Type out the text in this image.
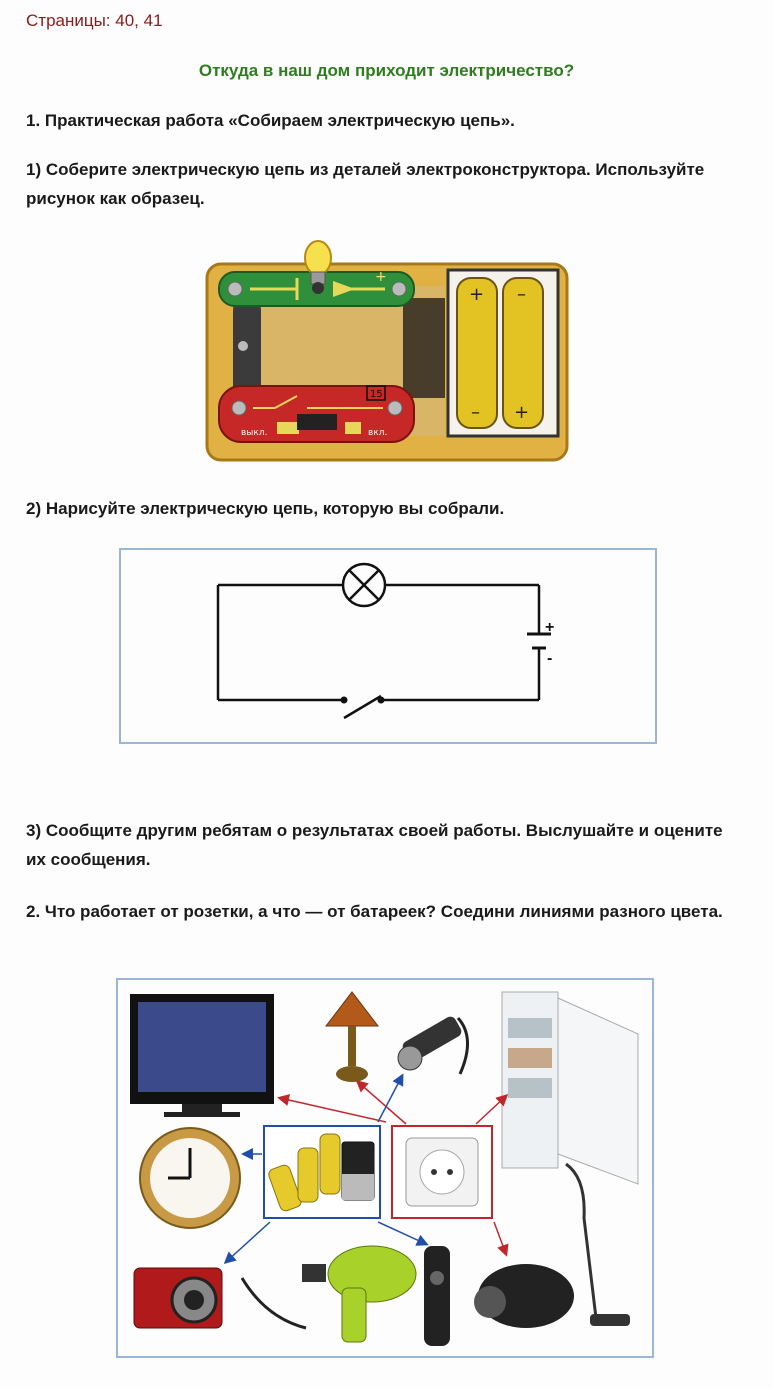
Страницы: 40, 41
Откуда в наш дом приходит электричество?
1. Практическая работа «Собираем электрическую цепь».
1) Соберите электрическую цепь из деталей электроконструктора. Используйте рисунок как образец.
+
+
–
–
+
15
выкл.	вкл.
2) Нарисуйте электрическую цепь, которую вы собрали.
+
-
3) Сообщите другим ребятам о результатах своей работы. Выслушайте и оцените их сообщения.
2. Что работает от розетки, а что — от батареек? Соедини линиями разного цвета.
